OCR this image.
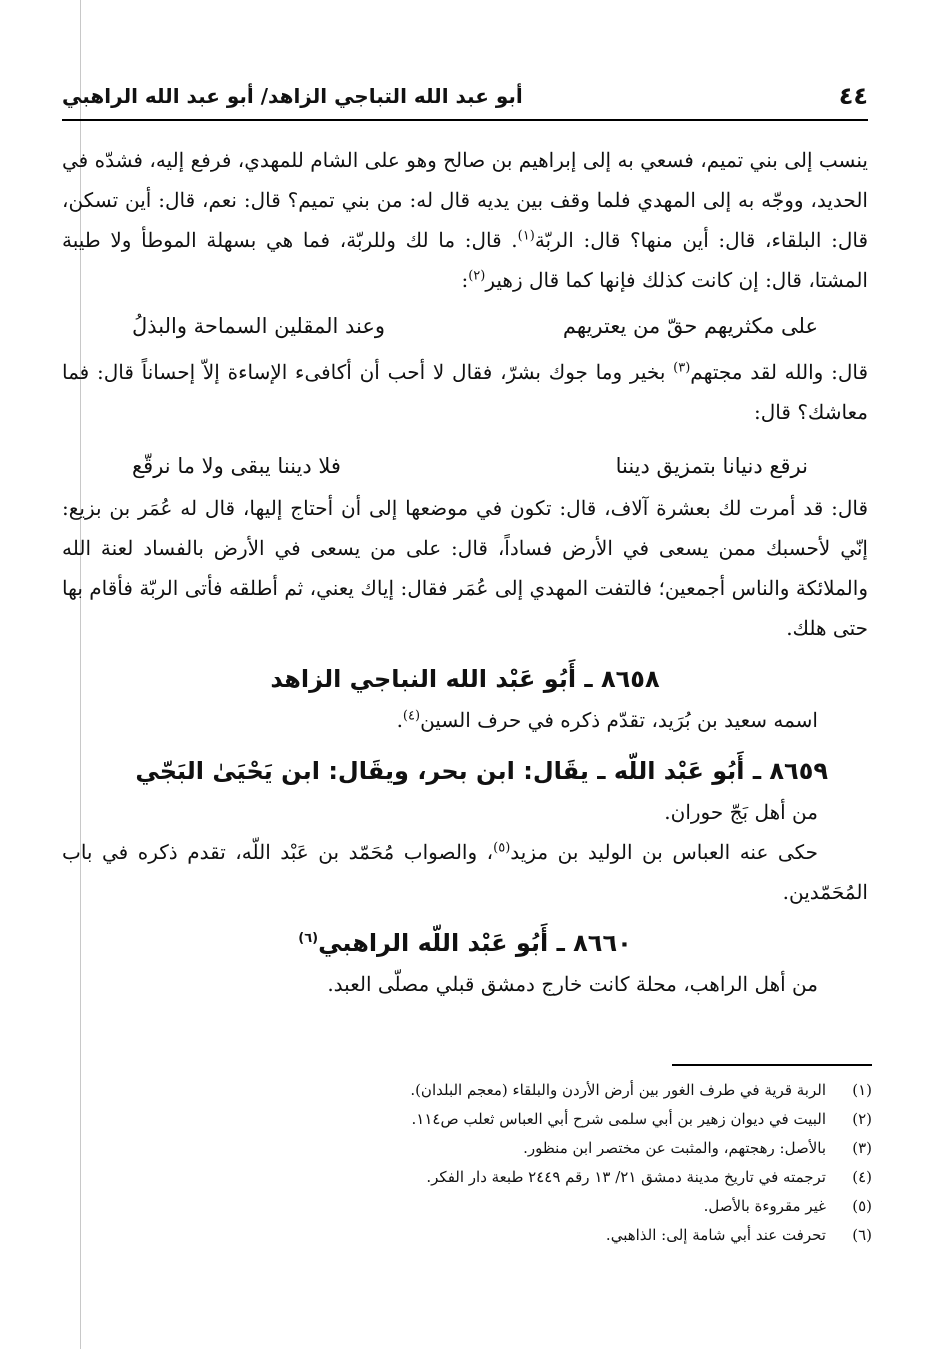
٤٤
أبو عبد الله التباجي الزاهد/ أبو عبد الله الراهبي

ينسب إلى بني تميم، فسعي به إلى إبراهيم بن صالح وهو على الشام للمهدي، فرفع إليه، فشدّه في الحديد، ووجّه به إلى المهدي فلما وقف بين يديه قال له: من بني تميم؟ قال: نعم، قال: أين تسكن، قال: البلقاء، قال: أين منها؟ قال: الربّة$^{(١)}$. قال: ما لك وللربّة، فما هي بسهلة الموطأ ولا طيبة المشتا، قال: إن كانت كذلك فإنها كما قال زهير$^{(٢)}$:

على مكثريهم حقّ من يعتريهم
وعند المقلين السماحة والبذلُ

قال: والله لقد مجتهم$^{(٣)}$ بخير وما جوك بشرّ، فقال لا أحب أن أكافىء الإساءة إلاّ إحساناً قال: فما معاشك؟ قال:

نرقع دنيانا بتمزيق ديننا
فلا ديننا يبقى ولا ما نرقّع

قال: قد أمرت لك بعشرة آلاف، قال: تكون في موضعها إلى أن أحتاج إليها، قال له عُمَر بن بزيع: إنّي لأحسبك ممن يسعى في الأرض فساداً، قال: على من يسعى في الأرض بالفساد لعنة الله والملائكة والناس أجمعين؛ فالتفت المهدي إلى عُمَر فقال: إياك يعني، ثم أطلقه فأتى الربّة فأقام بها حتى هلك.

٨٦٥٨ ـ أَبُو عَبْد الله النباجي الزاهد

اسمه سعيد بن بُرَيد، تقدّم ذكره في حرف السين$^{(٤)}$.

٨٦٥٩ ـ أَبُو عَبْد اللّه ـ يقَال: ابن بحر، ويقَال: ابن يَحْيَىٰ البَجّي

من أهل بَجّ حوران.

حكى عنه العباس بن الوليد بن مزيد$^{(٥)}$، والصواب مُحَمّد بن عَبْد اللّه، تقدم ذكره في باب المُحَمّدين.

٨٦٦٠ ـ أَبُو عَبْد اللّه الراهبي$^{(٦)}$

من أهل الراهب، محلة كانت خارج دمشق قبلي مصلّى العبد.

(١)
الربة قرية في طرف الغور بين أرض الأردن والبلقاء (معجم البلدان).
(٢)
البيت في ديوان زهير بن أبي سلمى شرح أبي العباس ثعلب ص١١٤.
(٣)
بالأصل: رهجتهم، والمثبت عن مختصر ابن منظور.
(٤)
ترجمته في تاريخ مدينة دمشق ٢١/ ١٣ رقم ٢٤٤٩ طبعة دار الفكر.
(٥)
غير مقروءة بالأصل.
(٦)
تحرفت عند أبي شامة إلى: الذاهبي.
